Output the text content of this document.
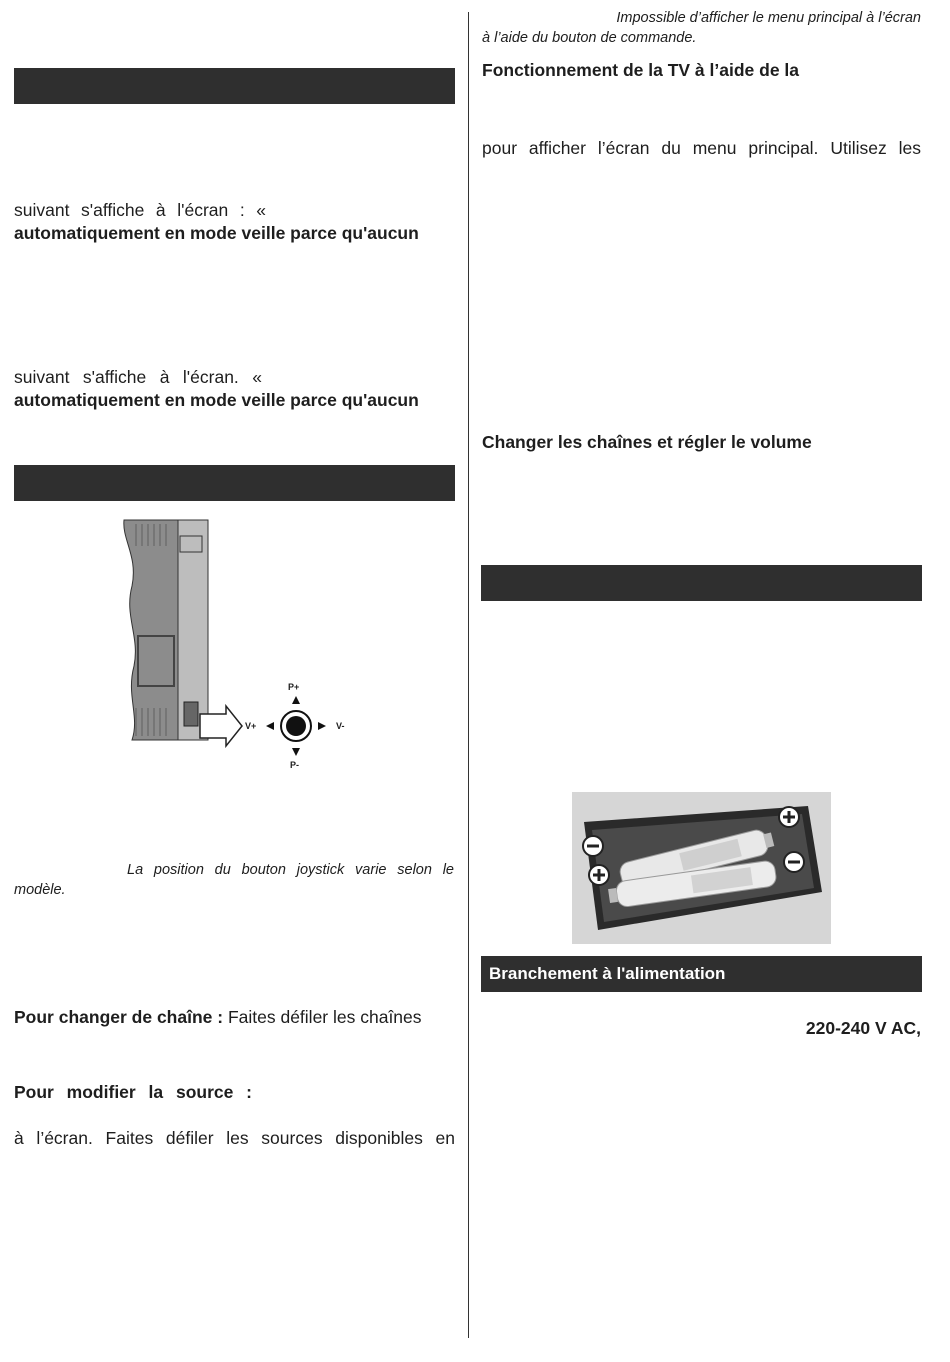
suivant s'affiche à l'écran : «
automatiquement en mode veille parce qu'aucun
suivant s'affiche à l'écran. «
automatiquement en mode veille parce qu'aucun
P+
P-
V+	V-
La position du bouton joystick varie selon le
modèle.
Pour changer de chaîne : Faites défiler les chaînes
Pour modifier la source :
à l’écran. Faites défiler les sources disponibles en
Impossible d’afficher le menu principal à l’écran
à l’aide du bouton de commande.
Fonctionnement de la TV à l’aide de la
pour afficher l’écran du menu principal. Utilisez les
Changer les chaînes et régler le volume
Branchement à l'alimentation
220-240 V AC,
